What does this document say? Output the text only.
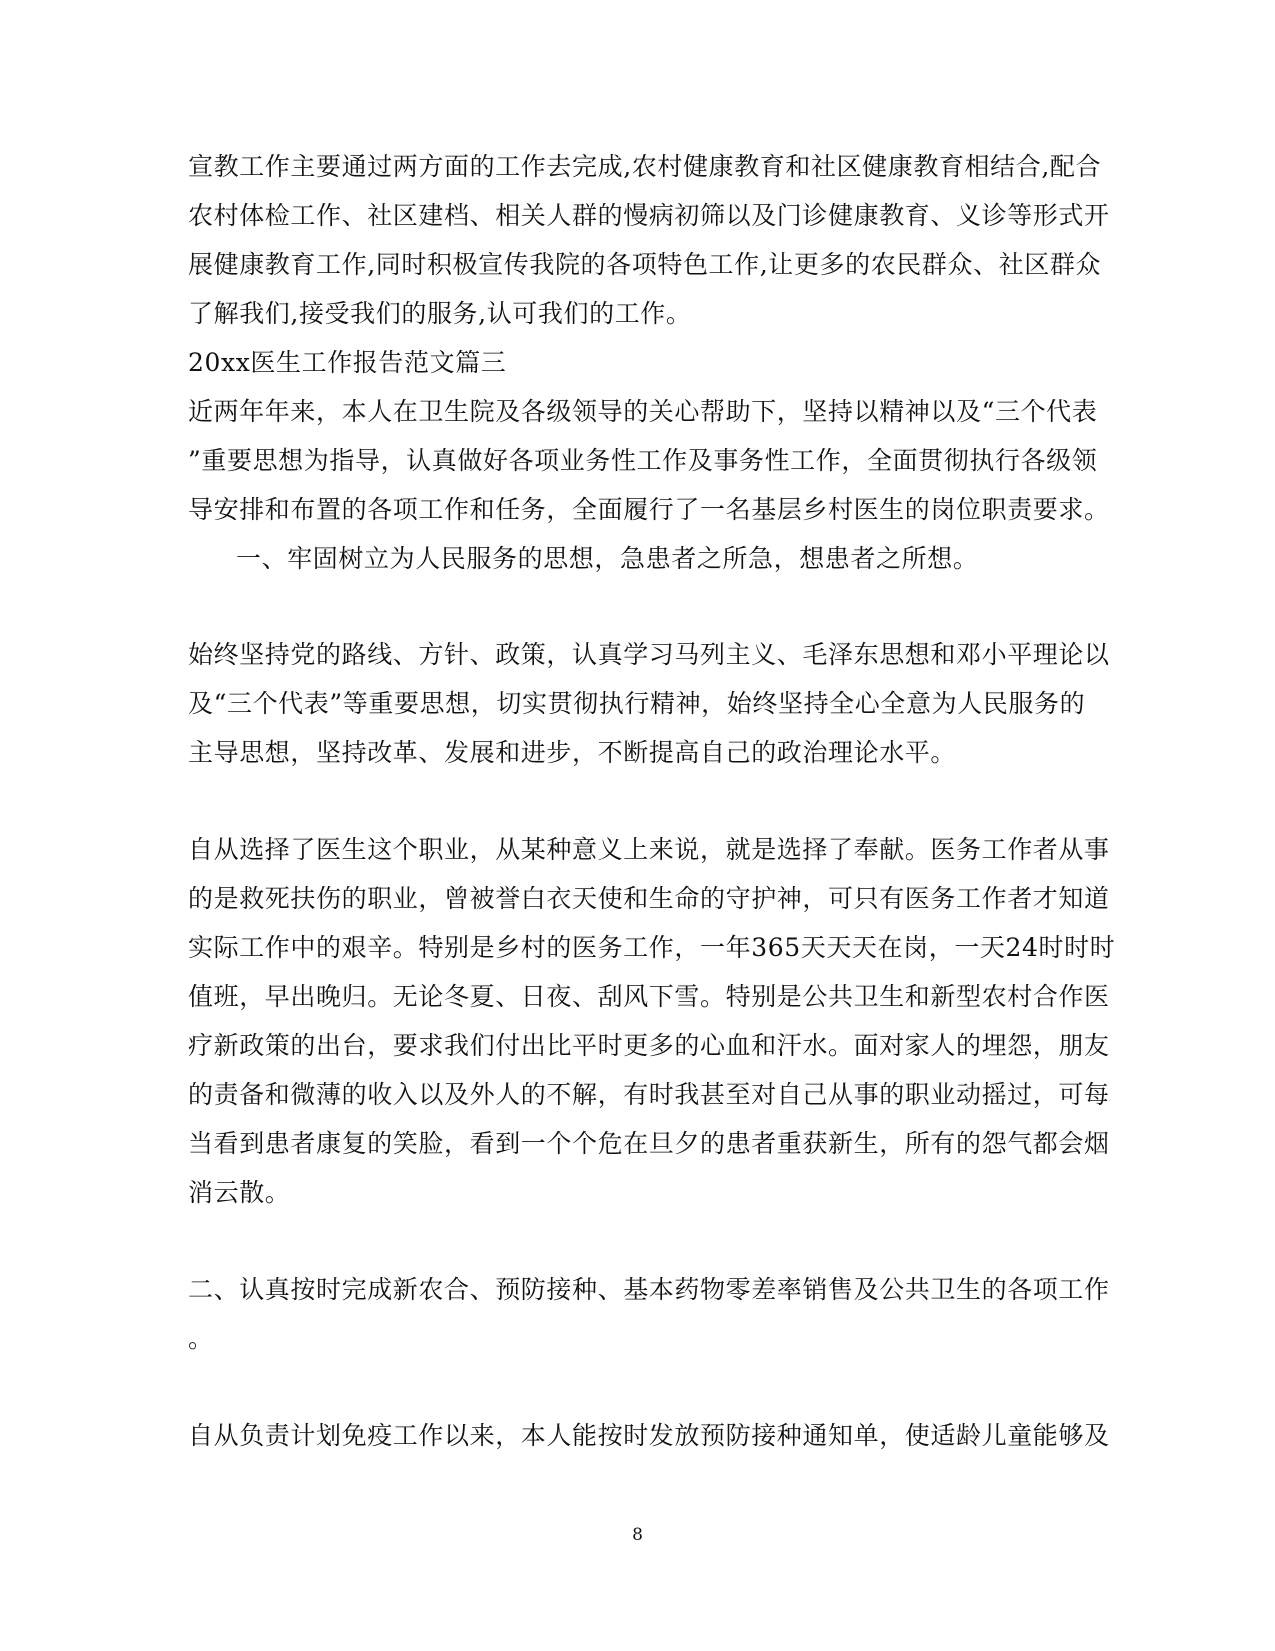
宣教工作主要通过两方面的工作去完成,农村健康教育和社区健康教育相结合,配合
农村体检工作、社区建档、相关人群的慢病初筛以及门诊健康教育、义诊等形式开
展健康教育工作,同时积极宣传我院的各项特色工作,让更多的农民群众、社区群众
了解我们,接受我们的服务,认可我们的工作。
20xx医生工作报告范文篇三
近两年年来，本人在卫生院及各级领导的关心帮助下，坚持以精神以及“三个代表
”重要思想为指导，认真做好各项业务性工作及事务性工作，全面贯彻执行各级领
导安排和布置的各项工作和任务，全面履行了一名基层乡村医生的岗位职责要求。
一、牢固树立为人民服务的思想，急患者之所急，想患者之所想。
始终坚持党的路线、方针、政策，认真学习马列主义、毛泽东思想和邓小平理论以
及“三个代表”等重要思想，切实贯彻执行精神，始终坚持全心全意为人民服务的
主导思想，坚持改革、发展和进步，不断提高自己的政治理论水平。
自从选择了医生这个职业，从某种意义上来说，就是选择了奉献。医务工作者从事
的是救死扶伤的职业，曾被誉白衣天使和生命的守护神，可只有医务工作者才知道
实际工作中的艰辛。特别是乡村的医务工作，一年365天天天在岗，一天24时时时
值班，早出晚归。无论冬夏、日夜、刮风下雪。特别是公共卫生和新型农村合作医
疗新政策的出台，要求我们付出比平时更多的心血和汗水。面对家人的埋怨，朋友
的责备和微薄的收入以及外人的不解，有时我甚至对自己从事的职业动摇过，可每
当看到患者康复的笑脸，看到一个个危在旦夕的患者重获新生，所有的怨气都会烟
消云散。
二、认真按时完成新农合、预防接种、基本药物零差率销售及公共卫生的各项工作
。
自从负责计划免疫工作以来，本人能按时发放预防接种通知单，使适龄儿童能够及
8
